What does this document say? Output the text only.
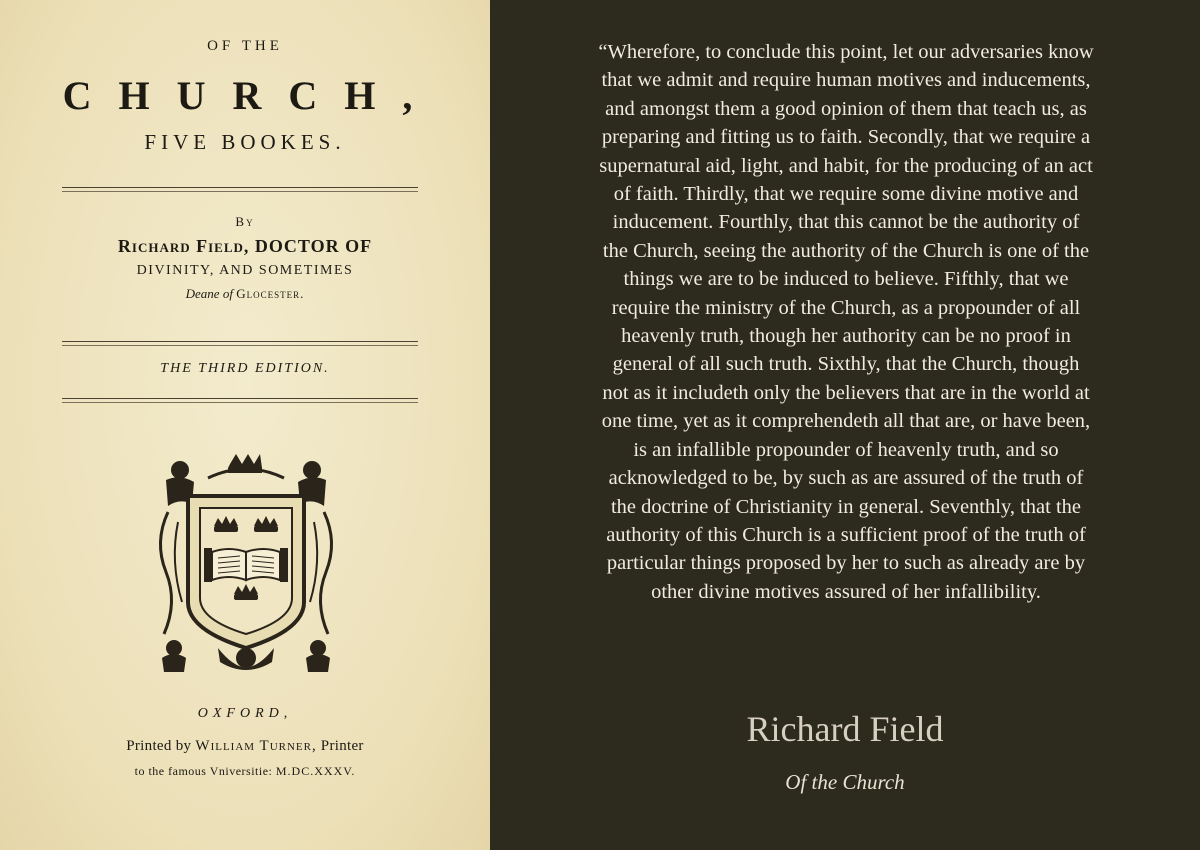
OF THE
CHURCH,
FIVE BOOKES.
By
Richard Field, DOCTOR OF
DIVINITY, AND SOMETIMES
Deane of Glocester.
THE THIRD EDITION.
OXFORD,
Printed by William Turner, Printer
to the famous Vniversitie: M.DC.XXXV.

“Wherefore, to conclude this point, let our adversaries know
that we admit and require human motives and inducements,
and amongst them a good opinion of them that teach us, as
preparing and fitting us to faith. Secondly, that we require a
supernatural aid, light, and habit, for the producing of an act
of faith. Thirdly, that we require some divine motive and
inducement. Fourthly, that this cannot be the authority of
the Church, seeing the authority of the Church is one of the
things we are to be induced to believe. Fifthly, that we
require the ministry of the Church, as a propounder of all
heavenly truth, though her authority can be no proof in
general of all such truth. Sixthly, that the Church, though
not as it includeth only the believers that are in the world at
one time, yet as it comprehendeth all that are, or have been,
is an infallible propounder of heavenly truth, and so
acknowledged to be, by such as are assured of the truth of
the doctrine of Christianity in general. Seventhly, that the
authority of this Church is a sufficient proof of the truth of
particular things proposed by her to such as already are by
other divine motives assured of her infallibility.

Richard Field
Of the Church
